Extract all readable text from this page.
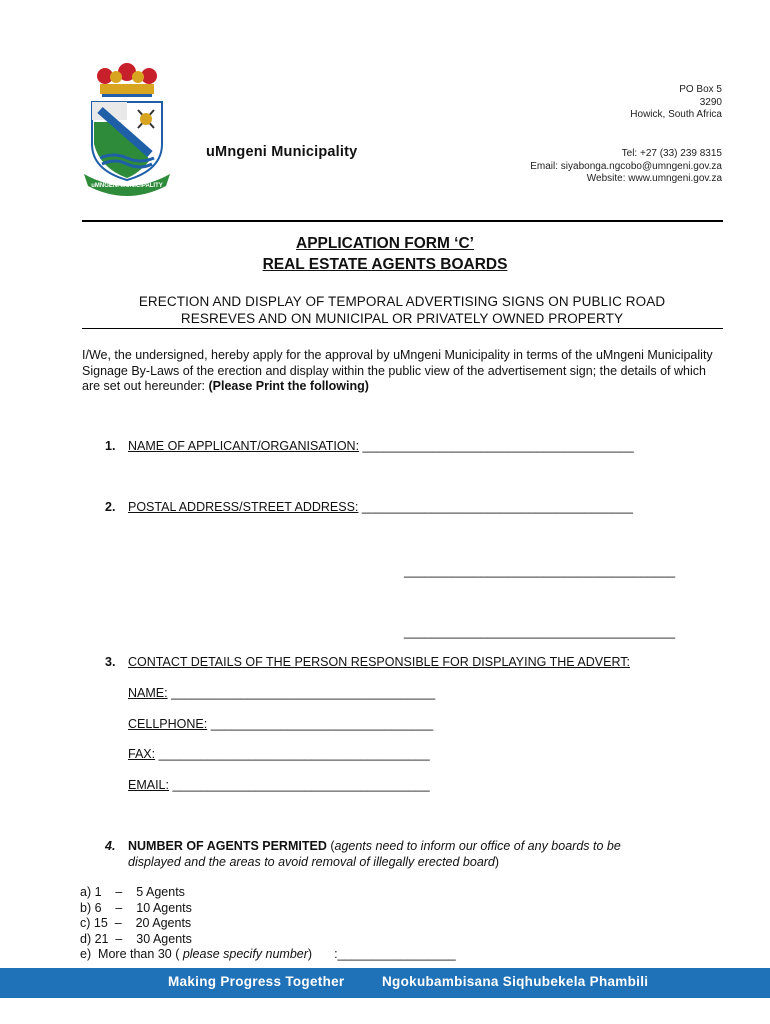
uMNGENI MUNICIPALITY
uMngeni Municipality
PO Box 5
3290
Howick, South Africa
Tel: +27 (33) 239 8315
Email: siyabonga.ngcobo@umngeni.gov.za
Website: www.umngeni.gov.za
APPLICATION FORM ‘C’
REAL ESTATE AGENTS BOARDS
ERECTION AND DISPLAY OF TEMPORAL ADVERTISING SIGNS ON PUBLIC ROAD
RESREVES AND ON MUNICIPAL OR PRIVATELY OWNED PROPERTY
I/We, the undersigned, hereby apply for the approval by uMngeni Municipality in terms of the uMngeni Municipality Signage By-Laws of the erection and display within the public view of the advertisement sign; the details of which are set out hereunder: (Please Print the following)
1. NAME OF APPLICANT/ORGANISATION: _______________________________________
2. POSTAL ADDRESS/STREET ADDRESS: _______________________________________
_______________________________________
_______________________________________
3. CONTACT DETAILS OF THE PERSON RESPONSIBLE FOR DISPLAYING THE ADVERT:
NAME: ______________________________________
CELLPHONE: ________________________________
FAX: _______________________________________
EMAIL: _____________________________________
4. NUMBER OF AGENTS PERMITED (agents need to inform our office of any boards to be
displayed and the areas to avoid removal of illegally erected board)
a) 1    –    5 Agents
b) 6    –    10 Agents
c) 15  –    20 Agents
d) 21  –    30 Agents
e)  More than 30 ( please specify number) :_________________
Making Progress Together	Ngokubambisana Siqhubekela Phambili
